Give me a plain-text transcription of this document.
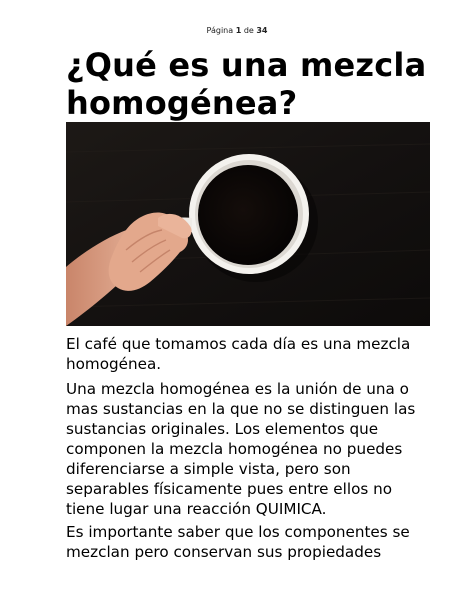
Página 1 de 34
¿Qué es una mezcla homogénea?

El café que tomamos cada día es una mezcla homogénea.

Una mezcla homogénea es la unión de una o mas sustancias en la que no se distinguen las sustancias originales. Los elementos que componen la mezcla homogénea no puedes diferenciarse a simple vista, pero son separables físicamente pues entre ellos no tiene lugar una reacción QUIMICA.

Es importante saber que los componentes se mezclan pero conservan sus propiedades
